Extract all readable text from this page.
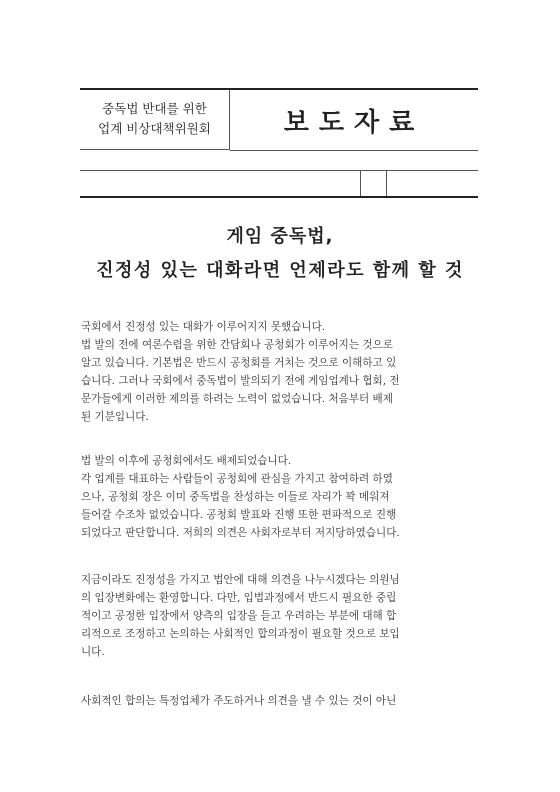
중독법 반대를 위한
업계 비상대책위원회	보도자료
게임 중독법,
진정성 있는 대화라면 언제라도 함께 할 것
국회에서 진정성 있는 대화가 이루어지지 못했습니다.
법 발의 전에 여론수렴을 위한 간담회나 공청회가 이루어지는 것으로
알고 있습니다. 기본법은 반드시 공청회를 거치는 것으로 이해하고 있
습니다. 그러나 국회에서 중독법이 발의되기 전에 게임업계나 협회, 전
문가들에게 이러한 제의를 하려는 노력이 없었습니다. 처음부터 배제
된 기분입니다.
법 발의 이후에 공청회에서도 배제되었습니다.
각 업계를 대표하는 사람들이 공청회에 관심을 가지고 참여하려 하였
으나, 공청회 장은 이미 중독법을 찬성하는 이들로 자리가 꽉 메워져
들어갈 수조차 없었습니다. 공청회 발표와 진행 또한 편파적으로 진행
되었다고 판단합니다. 저희의 의견은 사회자로부터 저지당하였습니다.
지금이라도 진정성을 가지고 법안에 대해 의견을 나누시겠다는 의원님
의 입장변화에는 환영합니다. 다만, 입법과정에서 반드시 필요한 중립
적이고 공정한 입장에서 양측의 입장을 듣고 우려하는 부분에 대해 합
리적으로 조정하고 논의하는 사회적인 합의과정이 필요할 것으로 보입
니다.
사회적인 합의는 특정업체가 주도하거나 의견을 낼 수 있는 것이 아닌
